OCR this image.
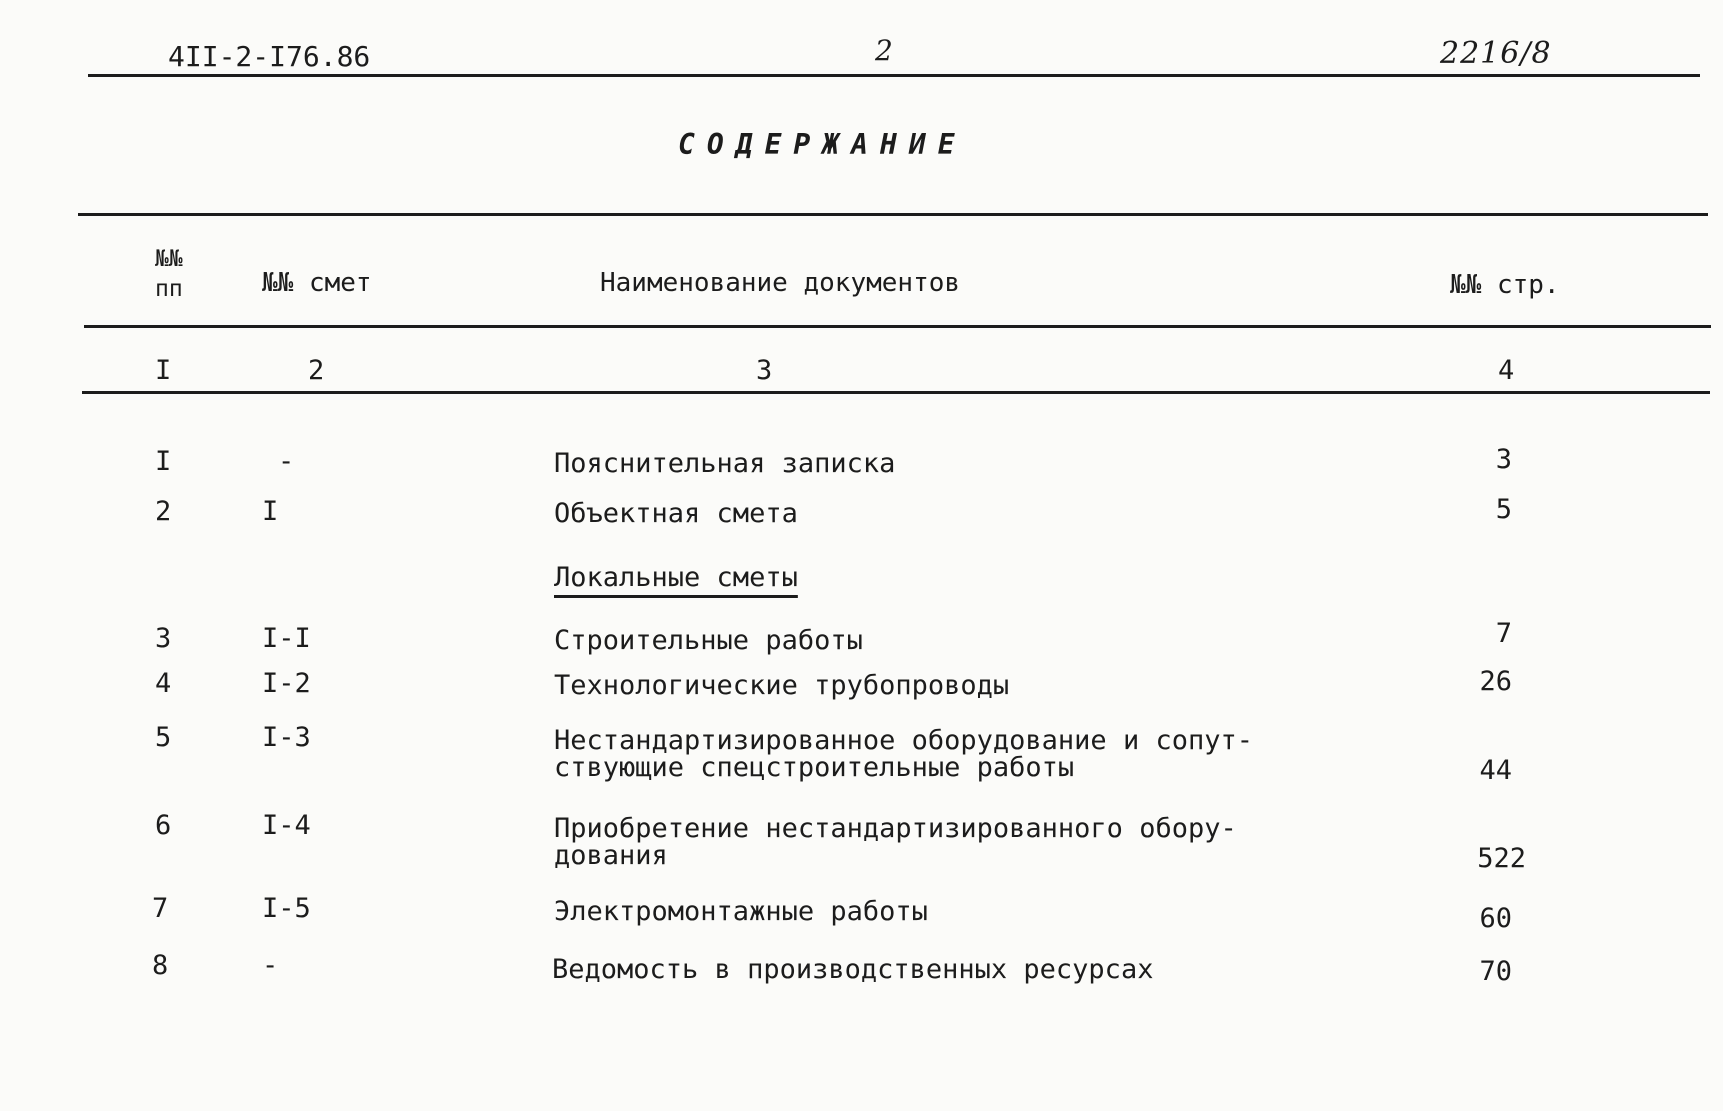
4II-2-I76.86	2	2216/8
СОДЕРЖАНИЕ
№№
пп	№№ смет	Наименование документов	№№ стр.
I	2	3	4
I	-	Пояснительная записка	3
2	I	Объектная смета	5
Локальные сметы
3	I-I	Строительные работы	7
4	I-2	Технологические трубопроводы	26
5	I-3	Нестандартизированное оборудование и сопут-
ствующие спецстроительные работы	44
6	I-4	Приобретение нестандартизированного обору-
дования	522
7	I-5	Электромонтажные работы	60
8	-	Ведомость в производственных ресурсах	70
